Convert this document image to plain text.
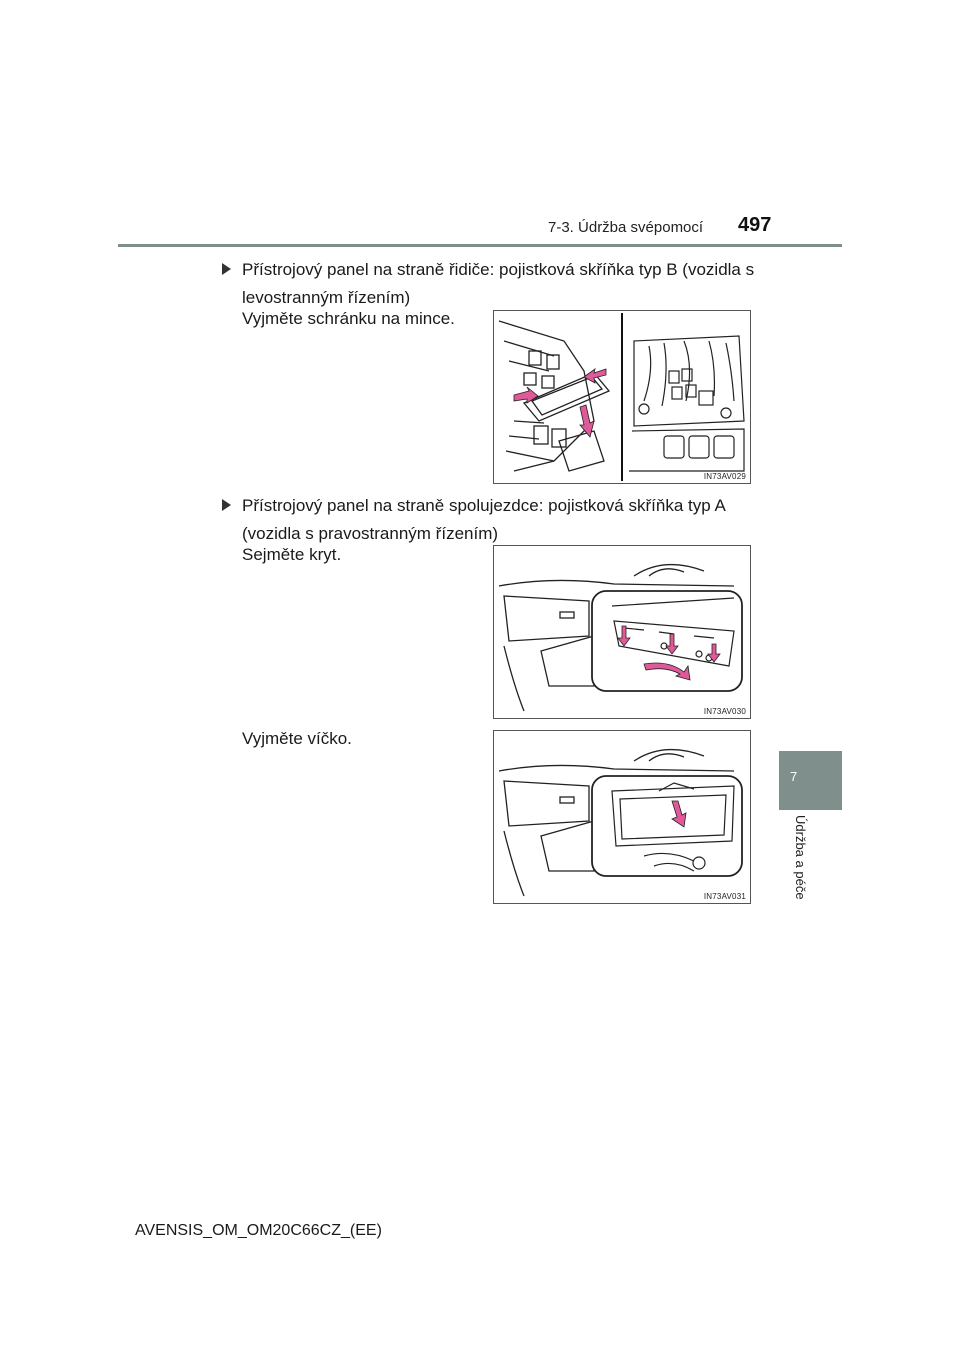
7-3. Údržba svépomocí 497
7
Údržba a péče
Přístrojový panel na straně řidiče: pojistková skříňka typ B (vozidla s levostranným řízením)
Vyjměte schránku na mince.
IN73AV029
Přístrojový panel na straně spolujezdce: pojistková skříňka typ A (vozidla s pravostranným řízením)
Sejměte kryt.
IN73AV030
Vyjměte víčko.
IN73AV031
AVENSIS_OM_OM20C66CZ_(EE)
